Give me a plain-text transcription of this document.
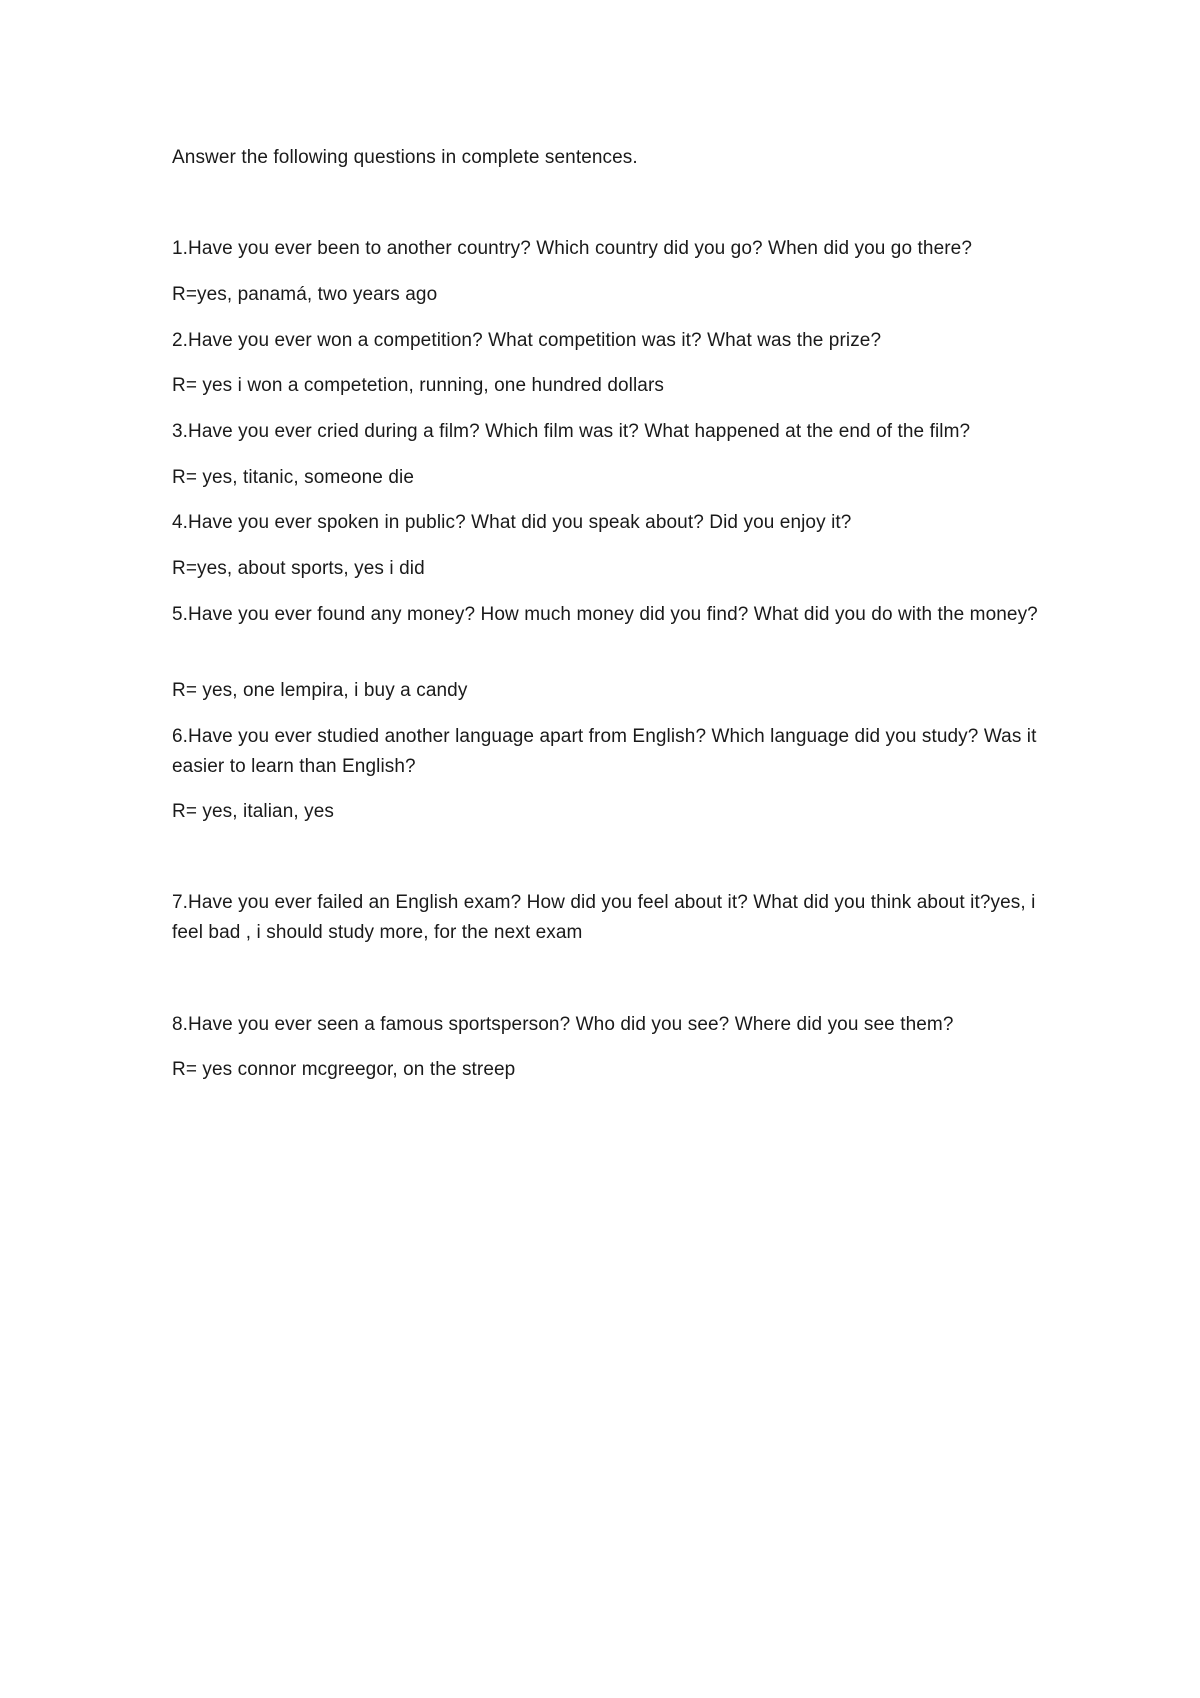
Answer the following questions in complete sentences.
1.Have you ever been to another country? Which country did you go? When did you go there?
R=yes, panamá, two years ago
2.Have you ever won a competition? What competition was it? What was the prize?
R= yes i won a competetion, running, one hundred dollars
3.Have you ever cried during a film? Which film was it? What happened at the end of the film?
R= yes, titanic, someone die
4.Have you ever spoken in public? What did you speak about? Did you enjoy it?
R=yes, about sports, yes i did
5.Have you ever found any money? How much money did you find? What did you do with the money?
R= yes, one lempira, i buy a candy
6.Have you ever studied another language apart from English? Which language did you study? Was it easier to learn than English?
R= yes, italian, yes
7.Have you ever failed an English exam? How did you feel about it? What did you think about it?yes, i feel bad , i should study more, for the next exam
8.Have you ever seen a famous sportsperson? Who did you see? Where did you see them?
R= yes connor mcgreegor, on the streep
